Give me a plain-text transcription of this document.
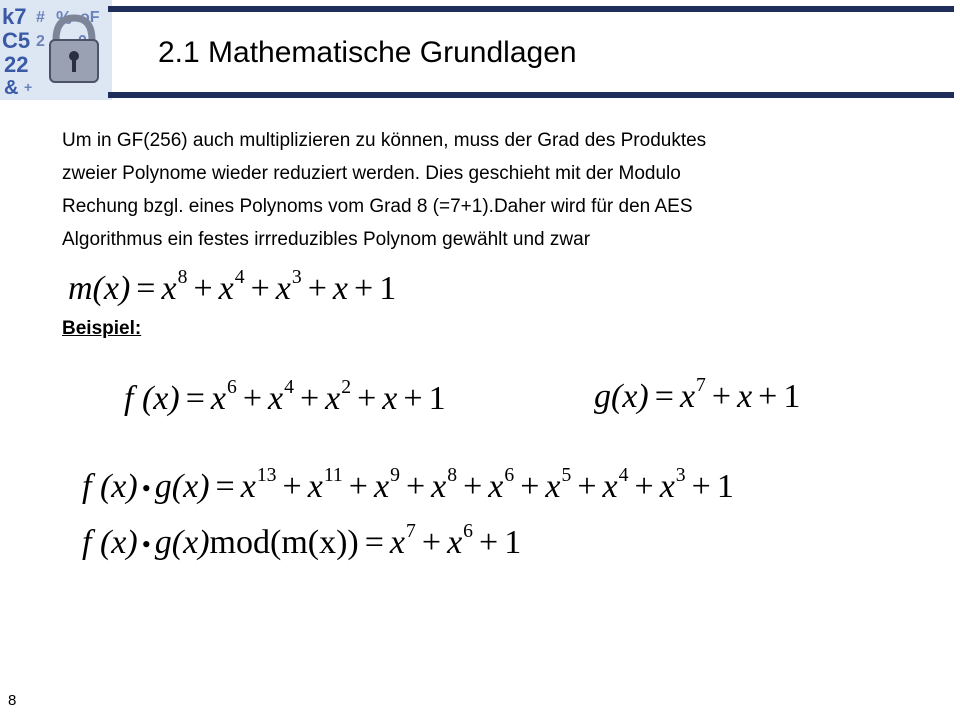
k7 # % oF
C5 2
22
& +
2.1 Mathematische Grundlagen
Um in GF(256) auch multiplizieren zu können, muss der Grad des Produktes
zweier Polynome wieder reduziert werden. Dies geschieht mit der Modulo
Rechung bzgl. eines Polynoms vom Grad 8 (=7+1).Daher wird für den AES
Algorithmus ein festes irrreduzibles Polynom gewählt und zwar
$m(x) = x^8 + x^4 + x^3 + x + 1$
Beispiel:
f $(x) = x^6 + x^4 + x^2 + x + 1$	$g(x) = x^7 + x + 1$
f (x) • $g(x) = x^{13} + x^{11} + x^9 + x^8 + x^6 + x^5 + x^4 + x^3 + 1$
f (x) • $g(x)mod(m(x)) = x^7 + x^6 + 1$
8
